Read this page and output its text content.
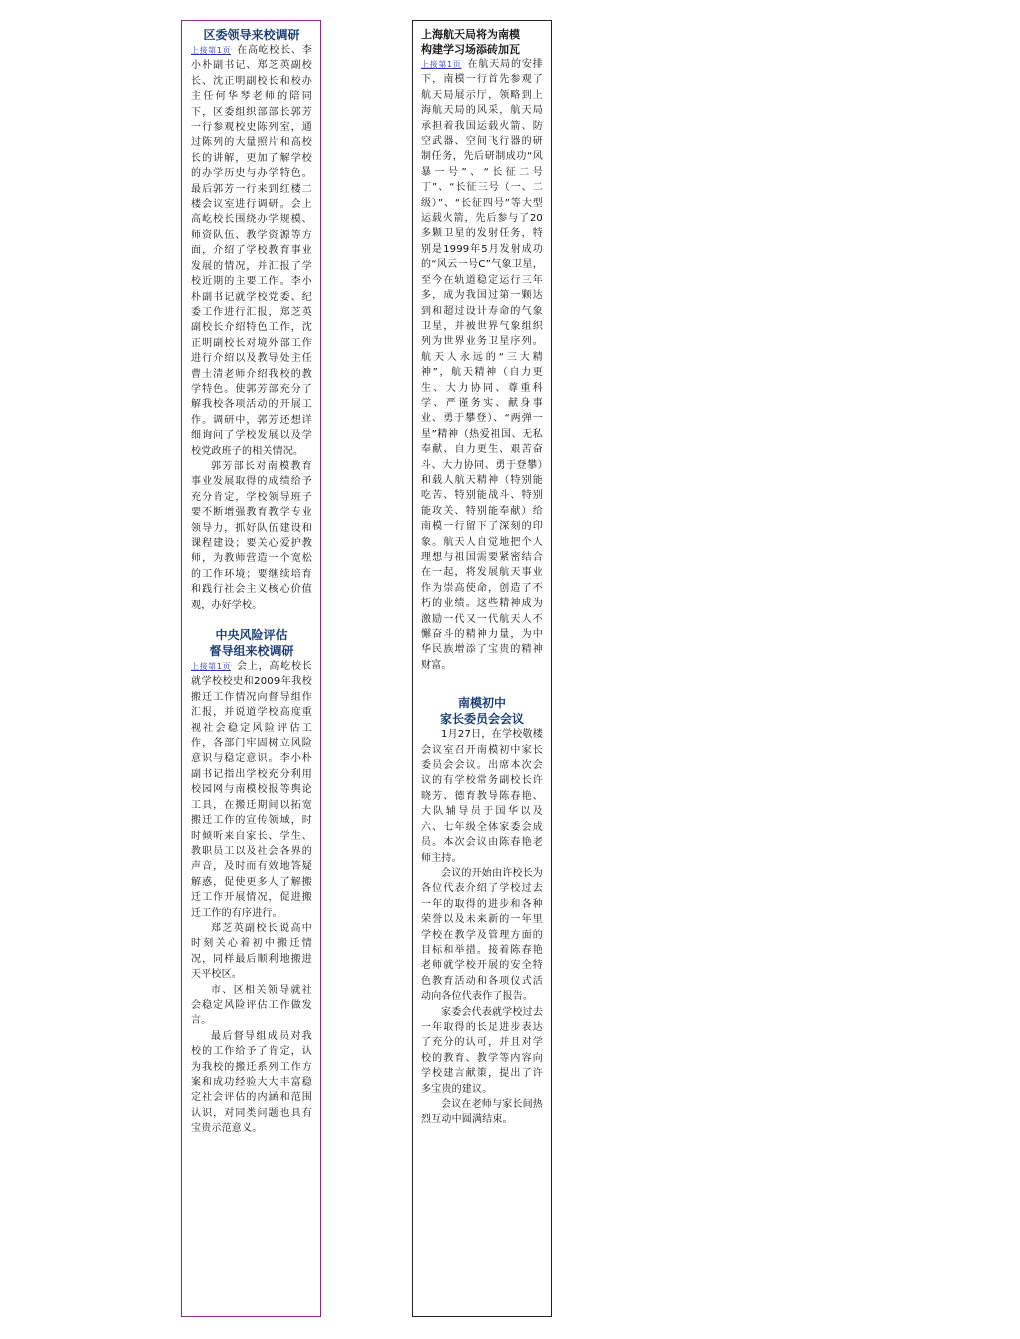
区委领导来校调研

上接第1页 在高屹校长、李小朴副书记、郑芝英副校长、沈正明副校长和校办主任何华琴老师的陪同下，区委组织部部长郭芳一行参观校史陈列室，通过陈列的大量照片和高校长的讲解，更加了解学校的办学历史与办学特色。最后郭芳一行来到红楼二楼会议室进行调研。会上高屹校长围绕办学规模、师资队伍、教学资源等方面，介绍了学校教育事业发展的情况，并汇报了学校近期的主要工作。李小朴副书记就学校党委、纪委工作进行汇报，郑芝英副校长介绍特色工作，沈正明副校长对境外部工作进行介绍以及教导处主任曹土清老师介绍我校的教学特色。使郭芳部充分了解我校各项活动的开展工作。调研中，郭芳还想详细询问了学校发展以及学校党政班子的相关情况。

郭芳部长对南模教育事业发展取得的成绩给予充分肯定，学校领导班子要不断增强教育教学专业领导力，抓好队伍建设和课程建设；要关心爱护教师，为教师营造一个宽松的工作环境；要继续培育和践行社会主义核心价值观，办好学校。

中央风险评估
督导组来校调研

上接第1页 会上，高屹校长就学校校史和2009年我校搬迁工作情况向督导组作汇报，并说道学校高度重视社会稳定风险评估工作，各部门牢固树立风险意识与稳定意识。李小朴副书记指出学校充分利用校园网与南模校报等舆论工具，在搬迁期间以拓宽搬迁工作的宣传领域，时时倾听来自家长、学生、教职员工以及社会各界的声音，及时而有效地答疑解惑，促使更多人了解搬迁工作开展情况，促进搬迁工作的有序进行。

郑芝英副校长说高中时刻关心着初中搬迁情况，同样最后顺利地搬进天平校区。

市、区相关领导就社会稳定风险评估工作做发言。

最后督导组成员对我校的工作给予了肯定，认为我校的搬迁系列工作方案和成功经验大大丰富稳定社会评估的内涵和范围认识，对同类问题也具有宝贵示范意义。

上海航天局将为南模
构建学习场添砖加瓦

上接第1页 在航天局的安排下，南模一行首先参观了航天局展示厅，领略到上海航天局的风采，航天局承担着我国运载火箭、防空武器、空间飞行器的研制任务，先后研制成功“风暴一号”、“长征二号丁”、“长征三号（一、二级）”、“长征四号”等大型运载火箭，先后参与了20多颗卫星的发射任务，特别是1999年5月发射成功的“风云一号C”气象卫星，至今在轨道稳定运行三年多，成为我国过第一颗达到和超过设计寿命的气象卫星，并被世界气象组织列为世界业务卫星序列。航天人永远的“三大精神”，航天精神（自力更生、大力协同、尊重科学、严谨务实、献身事业、勇于攀登）、“两弹一星”精神（热爱祖国、无私奉献、自力更生、艰苦奋斗、大力协同、勇于登攀）和载人航天精神（特别能吃苦、特别能战斗、特别能攻关、特别能奉献）给南模一行留下了深刻的印象。航天人自觉地把个人理想与祖国需要紧密结合在一起，将发展航天事业作为崇高使命，创造了不朽的业绩。这些精神成为激励一代又一代航天人不懈奋斗的精神力量，为中华民族增添了宝贵的精神财富。

南模初中
家长委员会会议

1月27日，在学校敬楼会议室召开南模初中家长委员会会议。出席本次会议的有学校常务副校长许晓芳、德育教导陈春艳、大队辅导员于国华以及六、七年级全体家委会成员。本次会议由陈春艳老师主持。

会议的开始由许校长为各位代表介绍了学校过去一年的取得的进步和各种荣誉以及未来新的一年里学校在教学及管理方面的目标和举措。接着陈春艳老师就学校开展的安全特色教育活动和各项仪式活动向各位代表作了报告。

家委会代表就学校过去一年取得的长足进步表达了充分的认可，并且对学校的教育、教学等内容向学校建言献策，提出了许多宝贵的建议。

会议在老师与家长间热烈互动中圆满结束。
